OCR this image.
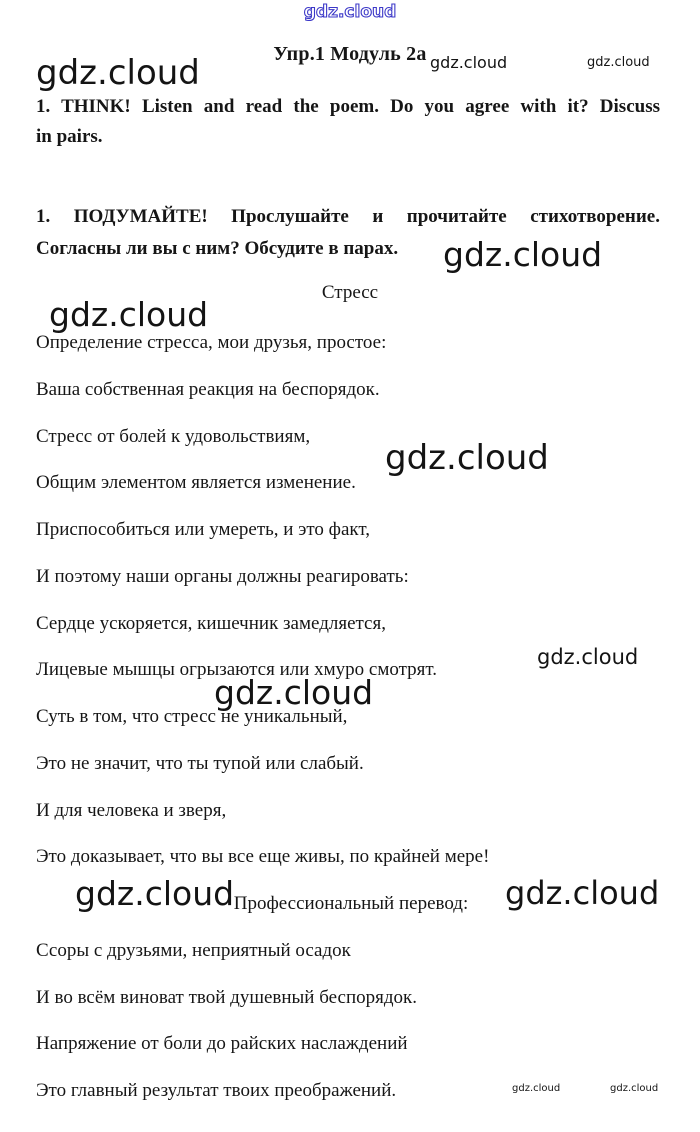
gdz.cloud
gdz.cloud	gdz.cloud
gdz.cloud
gdz.cloud
gdz.cloud
gdz.cloud
gdz.cloud
gdz.cloud
gdz.cloud	gdz.cloud
gdz.cloud	gdz.cloud
Упр.1 Модуль 2а
1. THINK! Listen and read the poem. Do you agree with it? Discuss
in pairs.
1. ПОДУМАЙТЕ! Прослушайте и прочитайте стихотворение.
Согласны ли вы с ним? Обсудите в парах.
Стресс
Определение стресса, мои друзья, простое:
Ваша собственная реакция на беспорядок.
Стресс от болей к удовольствиям,
Общим элементом является изменение.
Приспособиться или умереть, и это факт,
И поэтому наши органы должны реагировать:
Сердце ускоряется, кишечник замедляется,
Лицевые мышцы огрызаются или хмуро смотрят.
Суть в том, что стресс не уникальный,
Это не значит, что ты тупой или слабый.
И для человека и зверя,
Это доказывает, что вы все еще живы, по крайней мере!
Профессиональный перевод:
Ссоры с друзьями, неприятный осадок
И во всём виноват твой душевный беспорядок.
Напряжение от боли до райских наслаждений
Это главный результат твоих преображений.
